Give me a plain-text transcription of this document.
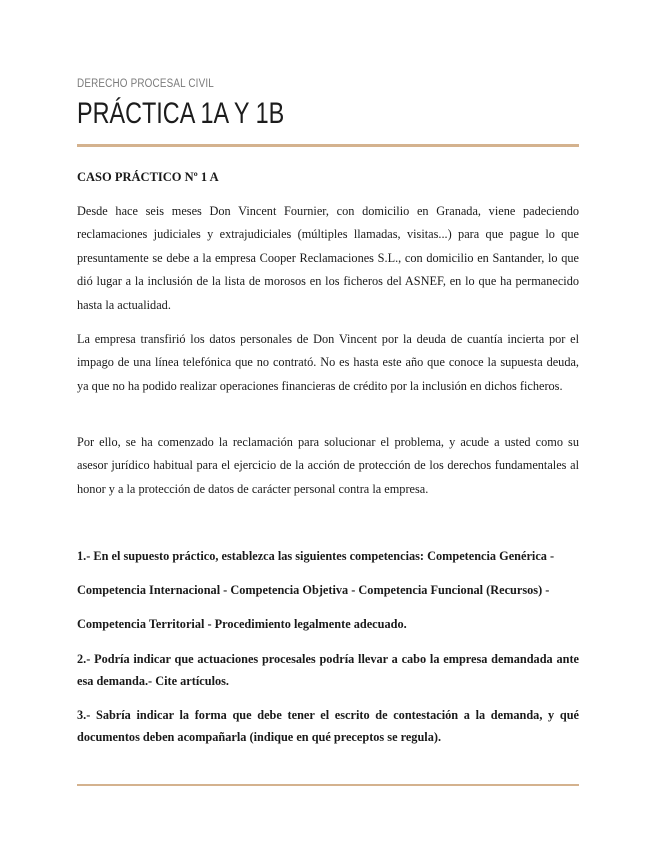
DERECHO PROCESAL CIVIL
PRÁCTICA 1A Y 1B
CASO PRÁCTICO Nº 1 A

Desde hace seis meses Don Vincent Fournier, con domicilio en Granada, viene padeciendo reclamaciones judiciales y extrajudiciales (múltiples llamadas, visitas...) para que pague lo que presuntamente se debe a la empresa Cooper Reclamaciones S.L., con domicilio en Santander, lo que dió lugar a la inclusión de la lista de morosos en los ficheros del ASNEF, en lo que ha permanecido hasta la actualidad.

La empresa transfirió los datos personales de Don Vincent por la deuda de cuantía incierta por el impago de una línea telefónica que no contrató. No es hasta este año que conoce la supuesta deuda, ya que no ha podido realizar operaciones financieras de crédito por la inclusión en dichos ficheros.

Por ello, se ha comenzado la reclamación para solucionar el problema, y acude a usted como su asesor jurídico habitual para el ejercicio de la acción de protección de los derechos fundamentales al honor y a la protección de datos de carácter personal contra la empresa.

1.- En el supuesto práctico, establezca las siguientes competencias: Competencia Genérica -

Competencia Internacional - Competencia Objetiva - Competencia Funcional (Recursos) -

Competencia Territorial - Procedimiento legalmente adecuado.

2.- Podría indicar que actuaciones procesales podría llevar a cabo la empresa demandada ante esa demanda.- Cite artículos.

3.- Sabría indicar la forma que debe tener el escrito de contestación a la demanda, y qué documentos deben acompañarla (indique en qué preceptos se regula).
